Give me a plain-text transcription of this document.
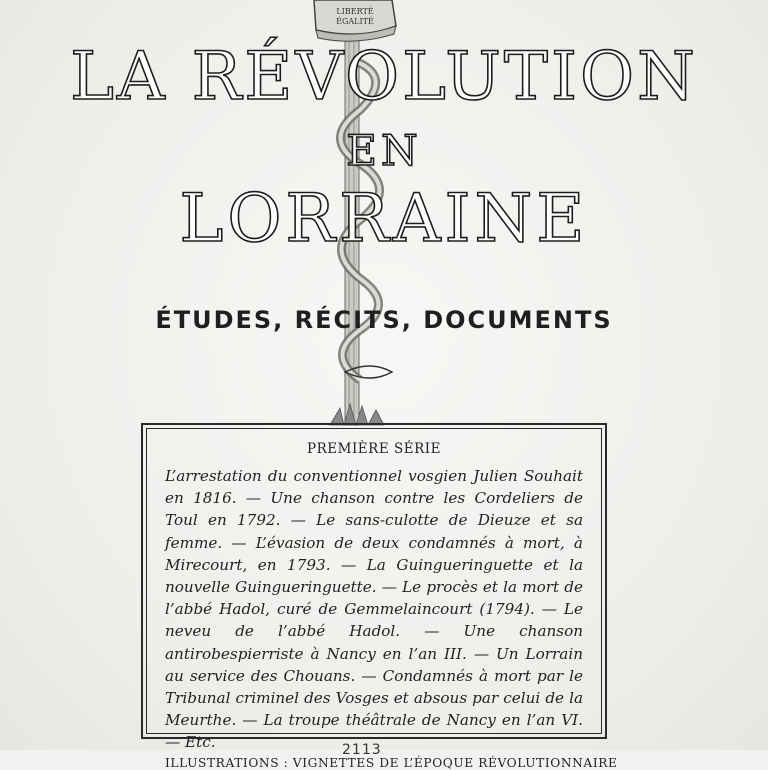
LIBERTÉ
ÉGALITÉ
LA RÉVOLUTION
EN
LORRAINE
ÉTUDES, RÉCITS, DOCUMENTS
PREMIÈRE SÉRIE
L’arrestation du conventionnel vosgien Julien Souhait en 1816. — Une chanson contre les Cordeliers de Toul en 1792. — Le sans-culotte de Dieuze et sa femme. — L’évasion de deux condamnés à mort, à Mirecourt, en 1793. — La Guingueringuette et la nouvelle Guingueringuette. — Le procès et la mort de l’abbé Hadol, curé de Gemmelaincourt (1794). — Le neveu de l’abbé Hadol. — Une chanson antirobespierriste à Nancy en l’an III. — Un Lorrain au service des Chouans. — Condamnés à mort par le Tribunal criminel des Vosges et absous par celui de la Meurthe. — La troupe théâtrale de Nancy en l’an VI. — Etc.
ILLUSTRATIONS : VIGNETTES DE L’ÉPOQUE RÉVOLUTIONNAIRE
2113
